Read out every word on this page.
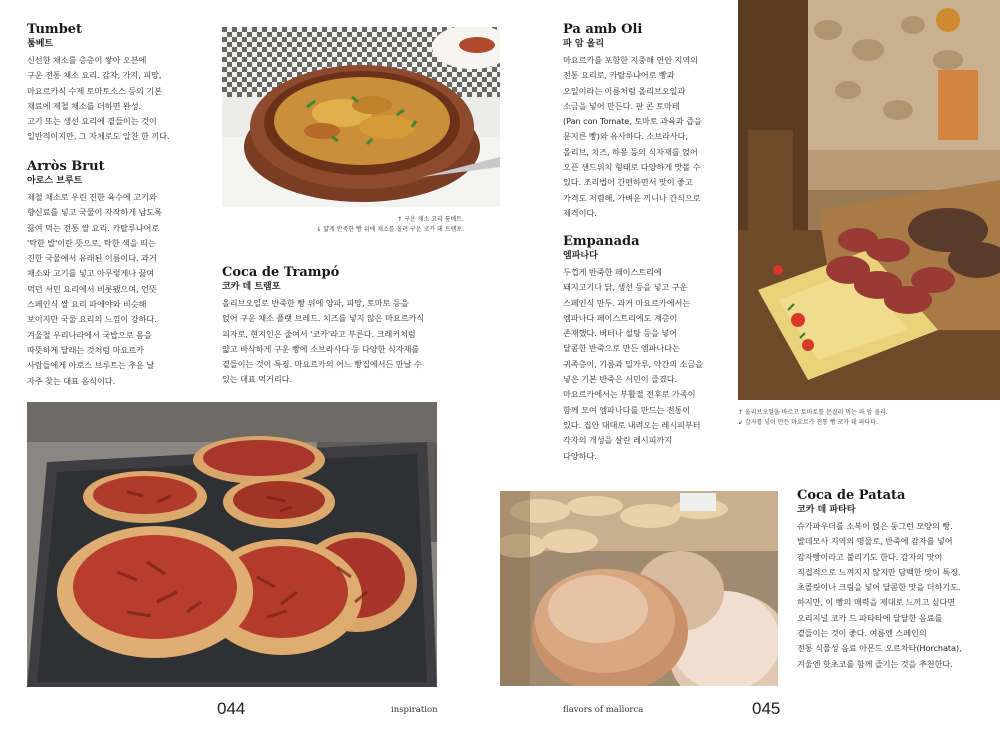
Tumbet
툼베트
신선한 채소를 층층이 쌓아 오븐에
구운 전통 채소 요리. 감자, 가지, 피망,
마요르카식 수제 토마토소스 등의 기본
재료에 제철 채소를 더하면 완성.
고기 또는 생선 요리에 곁들이는 것이
일반적이지만, 그 자체로도 알찬 한 끼다.
Arròs Brut
아로스 브루트
제철 채소로 우린 진한 육수에 고기와
향신료를 넣고 국물이 자작하게 남도록
끓여 먹는 전통 쌀 요리. 카탈루냐어로
'탁한 밥'이란 뜻으로, 탁한 색을 띄는
진한 국물에서 유래된 이름이다. 과거
채소와 고기를 넣고 아무렇게나 끓여
먹던 서민 요리에서 비롯됐으며, 언뜻
스페인식 쌀 요리 파에야와 비슷해
보이지만 국물 요리의 느낌이 강하다.
겨울철 우리나라에서 국밥으로 몸을
따뜻하게 달래는 것처럼 마요르카
사람들에게 아로스 브루트는 추운 날
자주 찾는 대표 음식이다.
↑ 구운 채소 요리 툼베트.
↓ 얇게 반죽한 빵 위에 채소를 올려 구운 코카 데 트램포.
Coca de Trampó
코카 데 트램포
올리브오일로 반죽한 빵 위에 양파, 피망, 토마토 등을
얹어 구운 채소 플랫 브레드. 치즈를 넣지 않은 마요르카식
피자로, 현지인은 줄여서 '코카'라고 부른다. 크래커처럼
얇고 바삭하게 구운 빵에 소브라사다 등 다양한 식자재를
곁들이는 것이 특징. 마요르카의 어느 빵집에서든 만날 수
있는 대표 먹거리다.
044	inspiration
Pa amb Oli
파 암 올리
마요르카를 포함한 지중해 연안 지역의
전통 요리로, 카탈루냐어로 빵과
오일이라는 이름처럼 올리브오일과
소금을 넣어 만든다. 판 콘 토마테
(Pan con Tomate, 토마토 과육과 즙을
문지른 빵)와 유사하다. 소브라사다,
올리브, 치즈, 하몽 등의 식자재를 얹어
오픈 샌드위치 형태로 다양하게 맛볼 수
있다. 조리법이 간편하면서 맛이 좋고
가격도 저렴해, 가벼운 끼니나 간식으로
제격이다.
Empanada
엠파나다
두껍게 반죽한 페이스트리에
돼지고기나 닭, 생선 등을 넣고 구운
스페인식 만두. 과거 마요르카에서는
엠파나다 페이스트리에도 계층이
존재했다. 버터나 설탕 등을 넣어
달콤한 반죽으로 만든 엠파나다는
귀족층이, 기름과 밀가루, 약간의 소금을
넣은 기본 반죽은 서민이 즐겼다.
마요르카에서는 부활절 전후로 가족이
함께 모여 엠파나다를 만드는 전통이
있다. 집안 대대로 내려오는 레시피부터
각자의 개성을 살린 레시피까지
다양하다.
↑ 올리브오일을 바르고 토마토를 문질러 먹는 파 암 올리.
↙ 감자를 넣어 만든 마요르카 전통 빵 코카 데 파타타.
Coca de Patata
코카 데 파타타
슈가파우더를 소복이 얹은 둥그런 모양의 빵.
발데모사 지역의 명물로, 반죽에 감자를 넣어
감자빵이라고 불리기도 한다. 감자의 맛이
직접적으로 느껴지지 않지만 담백한 맛이 특징.
초콜릿이나 크림을 넣어 달콤한 맛을 더하기도.
하지만, 이 빵의 매력을 제대로 느끼고 싶다면
오리지널 코카 드 파타타에 달달한 음료를
곁들이는 것이 좋다. 여름엔 스페인의
전통 식물성 음료 아몬드 오르차타(Horchata),
겨울엔 핫초코를 함께 즐기는 것을 추천한다.
flavors of mallorca	045
